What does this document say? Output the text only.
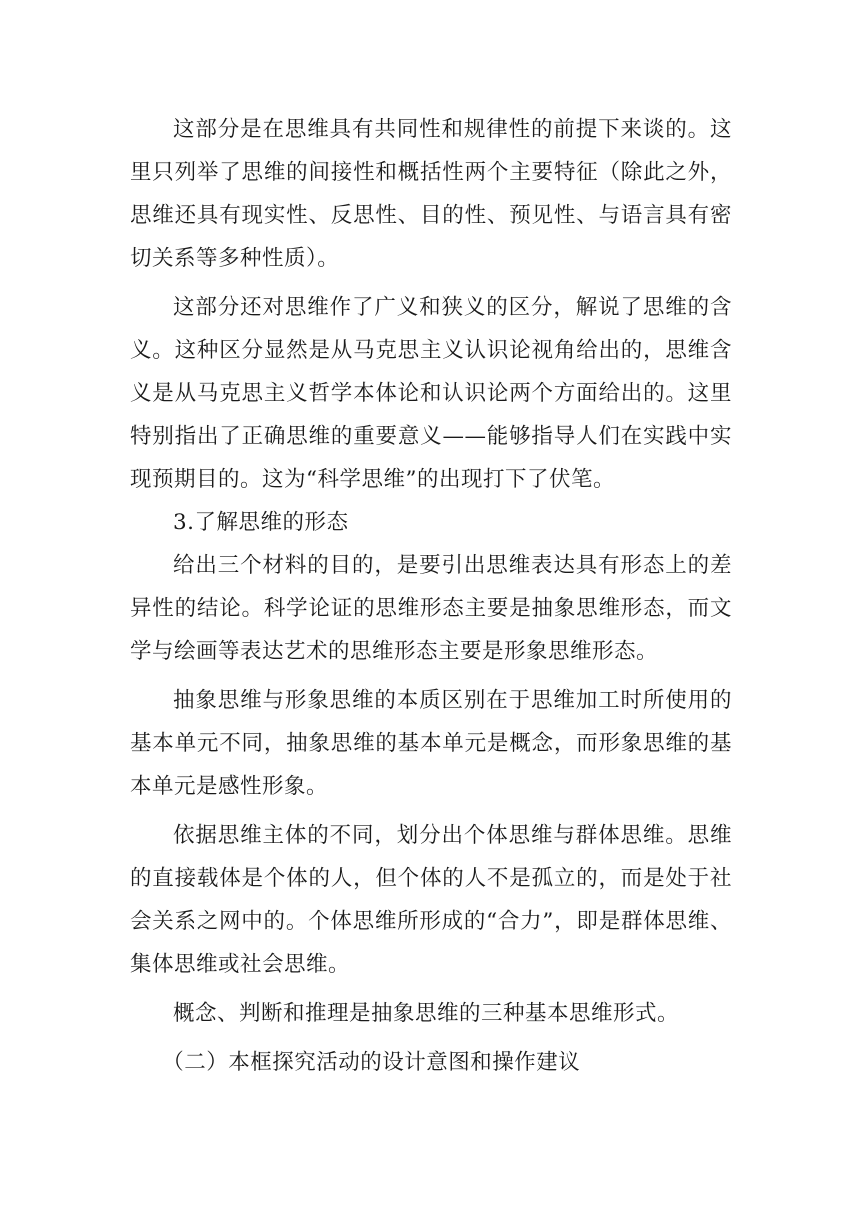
这部分是在思维具有共同性和规律性的前提下来谈的。这里只列举了思维的间接性和概括性两个主要特征（除此之外，思维还具有现实性、反思性、目的性、预见性、与语言具有密切关系等多种性质）。

这部分还对思维作了广义和狭义的区分，解说了思维的含义。这种区分显然是从马克思主义认识论视角给出的，思维含义是从马克思主义哲学本体论和认识论两个方面给出的。这里特别指出了正确思维的重要意义——能够指导人们在实践中实现预期目的。这为“科学思维”的出现打下了伏笔。

3.了解思维的形态

给出三个材料的目的，是要引出思维表达具有形态上的差异性的结论。科学论证的思维形态主要是抽象思维形态，而文学与绘画等表达艺术的思维形态主要是形象思维形态。

抽象思维与形象思维的本质区别在于思维加工时所使用的基本单元不同，抽象思维的基本单元是概念，而形象思维的基本单元是感性形象。

依据思维主体的不同，划分出个体思维与群体思维。思维的直接载体是个体的人，但个体的人不是孤立的，而是处于社会关系之网中的。个体思维所形成的“合力”，即是群体思维、集体思维或社会思维。

概念、判断和推理是抽象思维的三种基本思维形式。

（二）本框探究活动的设计意图和操作建议
